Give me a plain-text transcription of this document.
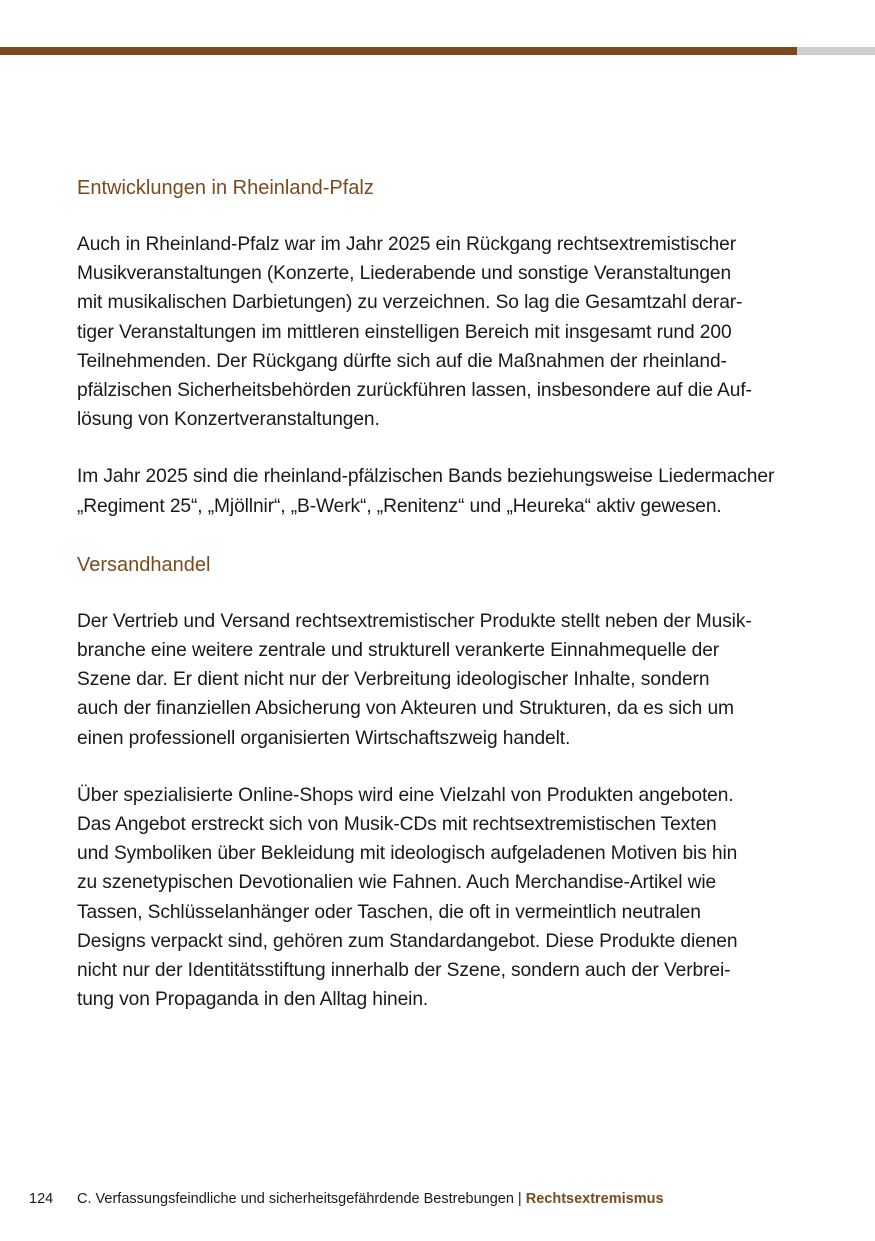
Entwicklungen in Rheinland-Pfalz

Auch in Rheinland-Pfalz war im Jahr 2025 ein Rückgang rechtsextremistischer
Musikveranstaltungen (Konzerte, Liederabende und sonstige Veranstaltungen
mit musikalischen Darbietungen) zu verzeichnen. So lag die Gesamtzahl derar-
tiger Veranstaltungen im mittleren einstelligen Bereich mit insgesamt rund 200
Teilnehmenden. Der Rückgang dürfte sich auf die Maßnahmen der rheinland-
pfälzischen Sicherheitsbehörden zurückführen lassen, insbesondere auf die Auf-
lösung von Konzertveranstaltungen.

Im Jahr 2025 sind die rheinland-pfälzischen Bands beziehungsweise Liedermacher
„Regiment 25“, „Mjöllnir“, „B-Werk“, „Renitenz“ und „Heureka“ aktiv gewesen.

Versandhandel

Der Vertrieb und Versand rechtsextremistischer Produkte stellt neben der Musik-
branche eine weitere zentrale und strukturell verankerte Einnahmequelle der
Szene dar. Er dient nicht nur der Verbreitung ideologischer Inhalte, sondern
auch der finanziellen Absicherung von Akteuren und Strukturen, da es sich um
einen professionell organisierten Wirtschaftszweig handelt.

Über spezialisierte Online-Shops wird eine Vielzahl von Produkten angeboten.
Das Angebot erstreckt sich von Musik-CDs mit rechtsextremistischen Texten
und Symboliken über Bekleidung mit ideologisch aufgeladenen Motiven bis hin
zu szenetypischen Devotionalien wie Fahnen. Auch Merchandise-Artikel wie
Tassen, Schlüsselanhänger oder Taschen, die oft in vermeintlich neutralen
Designs verpackt sind, gehören zum Standardangebot. Diese Produkte dienen
nicht nur der Identitätsstiftung innerhalb der Szene, sondern auch der Verbrei-
tung von Propaganda in den Alltag hinein.

124 C. Verfassungsfeindliche und sicherheitsgefährdende Bestrebungen | Rechtsextremismus
